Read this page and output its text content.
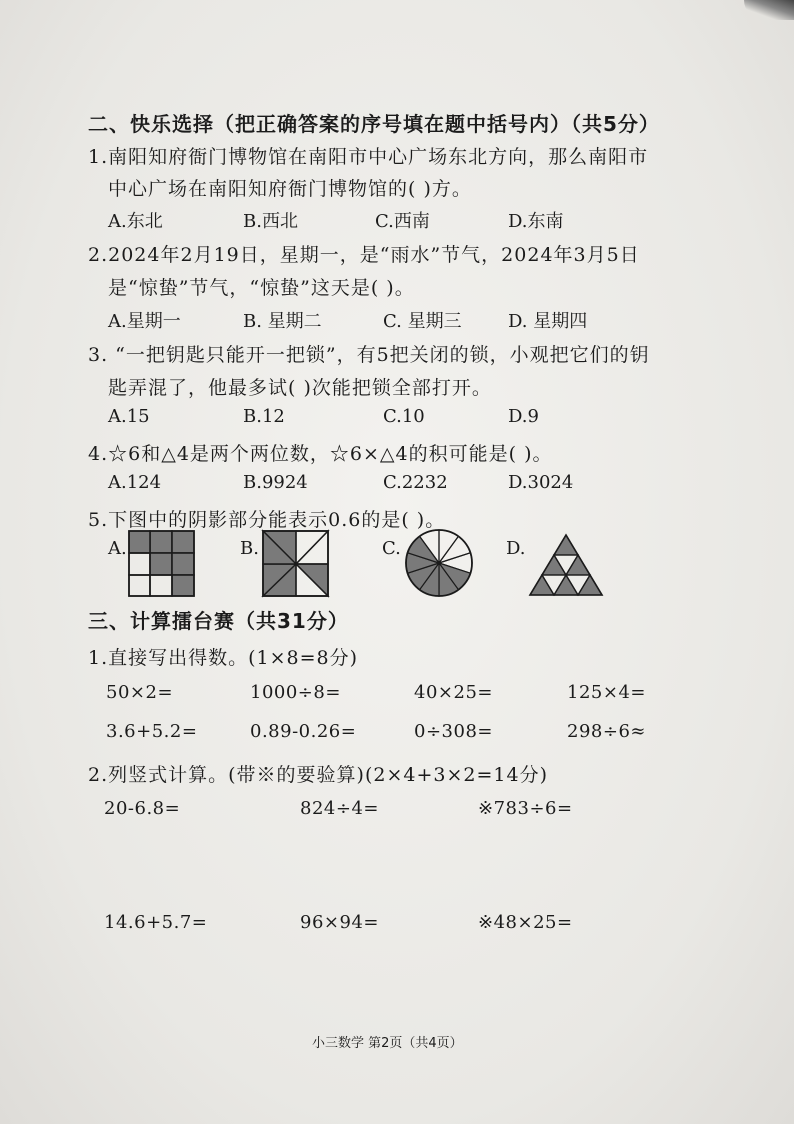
二、快乐选择（把正确答案的序号填在题中括号内）（共5分）
1.南阳知府衙门博物馆在南阳市中心广场东北方向，那么南阳市
中心广场在南阳知府衙门博物馆的( )方。
A.东北	B.西北	C.西南	D.东南
2.2024年2月19日，星期一，是“雨水”节气，2024年3月5日
是“惊蛰”节气，“惊蛰”这天是( )。
A.星期一	B. 星期二	C. 星期三	D. 星期四
3. “一把钥匙只能开一把锁”，有5把关闭的锁，小观把它们的钥
匙弄混了，他最多试( )次能把锁全部打开。
A.15	B.12	C.10	D.9
4.☆6和△4是两个两位数，☆6×△4的积可能是( )。
A.124	B.9924	C.2232	D.3024
5.下图中的阴影部分能表示0.6的是( )。
A.	B.	C.	D.
三、计算擂台赛（共31分）
1.直接写出得数。(1×8=8分)
50×2=	1000÷8=	40×25=	125×4=
3.6+5.2=	0.89-0.26=	0÷308=	298÷6≈
2.列竖式计算。(带※的要验算)(2×4+3×2=14分)
20-6.8=	824÷4=	※783÷6=
14.6+5.7=	96×94=	※48×25=
小三数学 第2页（共4页）
